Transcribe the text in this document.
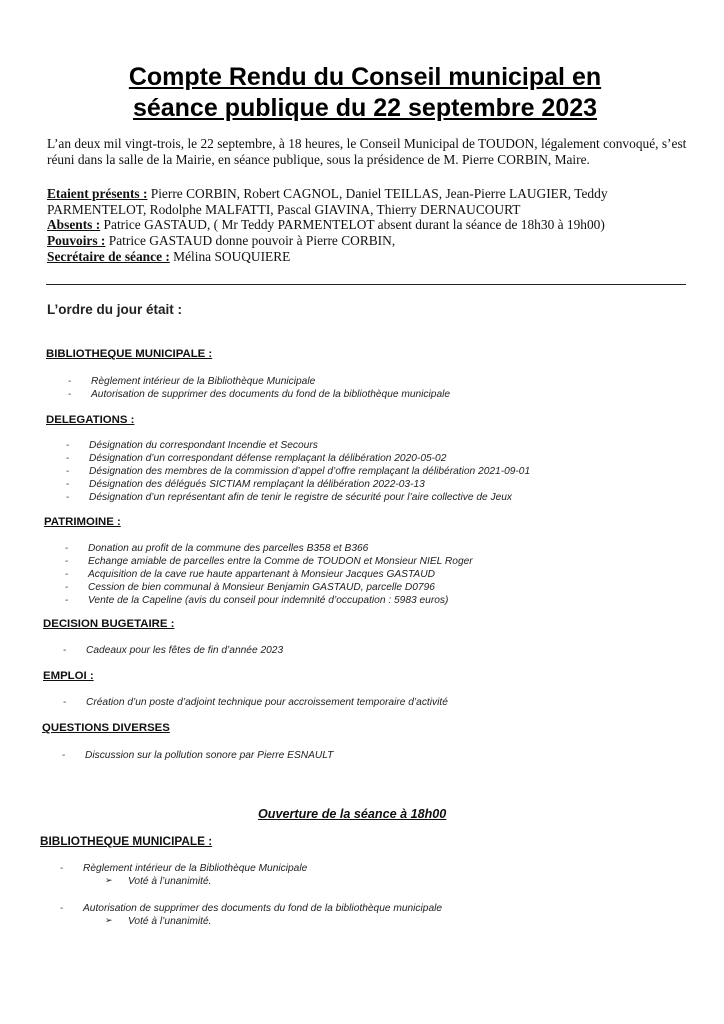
Compte Rendu du Conseil municipal en
séance publique du 22 septembre 2023
L’an deux mil vingt-trois, le 22 septembre, à 18 heures, le Conseil Municipal de TOUDON, légalement convoqué, s’est
réuni dans la salle de la Mairie, en séance publique, sous la présidence de M. Pierre CORBIN, Maire.
Etaient présents : Pierre CORBIN, Robert CAGNOL, Daniel TEILLAS, Jean-Pierre LAUGIER, Teddy
PARMENTELOT, Rodolphe MALFATTI, Pascal GIAVINA, Thierry DERNAUCOURT
Absents : Patrice GASTAUD, ( Mr Teddy PARMENTELOT absent durant la séance de 18h30 à 19h00)
Pouvoirs : Patrice GASTAUD donne pouvoir à Pierre CORBIN,
Secrétaire de séance : Mélina SOUQUIERE
L’ordre du jour était :
BIBLIOTHEQUE MUNICIPALE :
- Règlement intérieur de la Bibliothèque Municipale
- Autorisation de supprimer des documents du fond de la bibliothèque municipale
DELEGATIONS :
- Désignation du correspondant Incendie et Secours
- Désignation d’un correspondant défense remplaçant la délibération 2020-05-02
- Désignation des membres de la commission d’appel d’offre remplaçant la délibération 2021-09-01
- Désignation des délégués SICTIAM remplaçant la délibération 2022-03-13
- Désignation d’un représentant afin de tenir le registre de sécurité pour l’aire collective de Jeux
PATRIMOINE :
- Donation au profit de la commune des parcelles B358 et B366
- Echange amiable de parcelles entre la Comme de TOUDON et Monsieur NIEL Roger
- Acquisition de la cave rue haute appartenant à Monsieur Jacques GASTAUD
- Cession de bien communal à Monsieur Benjamin GASTAUD, parcelle D0796
- Vente de la Capeline (avis du conseil pour indemnité d’occupation : 5983 euros)
DECISION BUGETAIRE :
- Cadeaux pour les fêtes de fin d’année 2023
EMPLOI :
- Création d’un poste d’adjoint technique pour accroissement temporaire d’activité
QUESTIONS DIVERSES
- Discussion sur la pollution sonore par Pierre ESNAULT
Ouverture de la séance à 18h00
BIBLIOTHEQUE MUNICIPALE :
- Règlement intérieur de la Bibliothèque Municipale
➢ Voté à l’unanimité.
- Autorisation de supprimer des documents du fond de la bibliothèque municipale
➢ Voté à l’unanimité.
